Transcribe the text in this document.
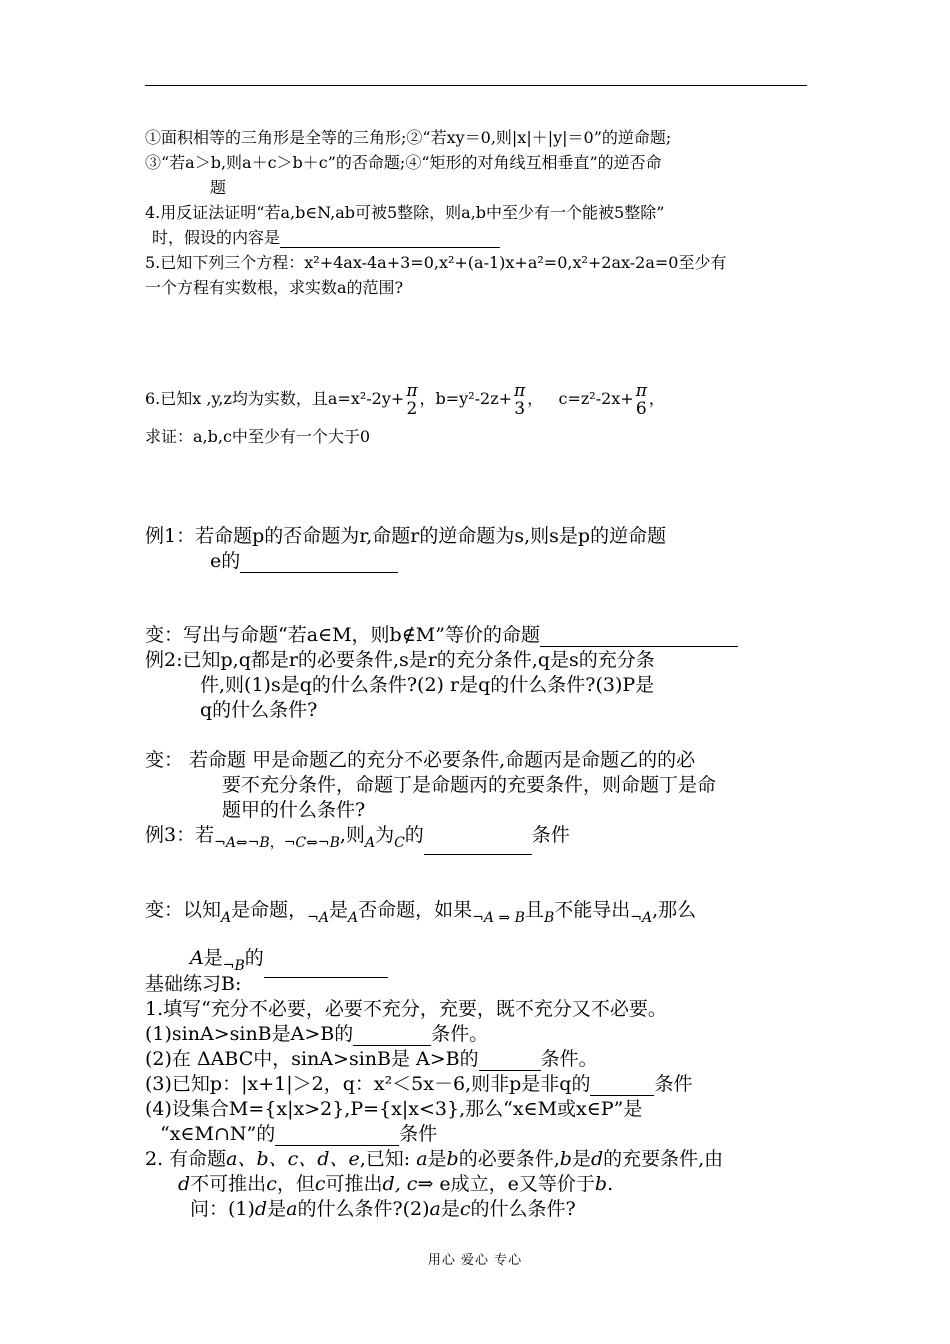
①面积相等的三角形是全等的三角形;②“若xy＝0,则|x|＋|y|＝0”的逆命题;
③“若a＞b,则a＋c＞b＋c”的否命题;④“矩形的对角线互相垂直”的逆否命
题
4.用反证法证明“若a,b∈N,ab可被5整除，则a,b中至少有一个能被5整除”
时，假设的内容是
5.已知下列三个方程：x²+4ax-4a+3=0,x²+(a-1)x+a²=0,x²+2ax-2a=0至少有
一个方程有实数根，求实数a的范围?
6.已知x ,y,z均为实数，且a=x²-2y+ π
2 ，b=y²-2z+ π
3 ，   c=z²-2x+ π
6 ，
求证：a,b,c中至少有一个大于0
例1：若命题p的否命题为r,命题r的逆命题为s,则s是p的逆命题
e的
变：写出与命题“若a∈M，则b∉M”等价的命题
例2:已知p,q都是r的必要条件,s是r的充分条件,q是s的充分条
件,则(1)s是q的什么条件?(2) r是q的什么条件?(3)P是
q的什么条件?
变： 若命题 甲是命题乙的充分不必要条件,命题丙是命题乙的的必
要不充分条件，命题丁是命题丙的充要条件，则命题丁是命
题甲的什么条件?
例3：若$_{\neg A\Leftrightarrow\neg B,\neg C\Leftrightarrow\neg B}$,则$_A$为$_C$的	条件
变：以知$_A$是命题，$_{\neg A}$是$_A$否命题，如果$_{\neg A \Rightarrow B}$且$_B$不能导出$_{\neg A}$,那么
A是$_{\neg B}$的
基础练习B:
1.填写“充分不必要，必要不充分，充要，既不充分又不必要。
(1)sinA>sinB是A>B的	条件。
(2)在 ΔABC中，sinA>sinB是 A>B的	条件。
(3)已知p：|x+1|＞2，q：x²＜5x－6,则非p是非q的	条件
(4)设集合M={x|x>2},P={x|x<3},那么“x∈M或x∈P”是
“x∈M∩N”的	条件
2. 有命题a、b、c、d、e,已知: a是b的必要条件,b是d的充要条件,由
d不可推出c，但c可推出d, c⇒ e成立，e又等价于b.
问：(1)d是a的什么条件?(2)a是c的什么条件?
用心 爱心 专心
